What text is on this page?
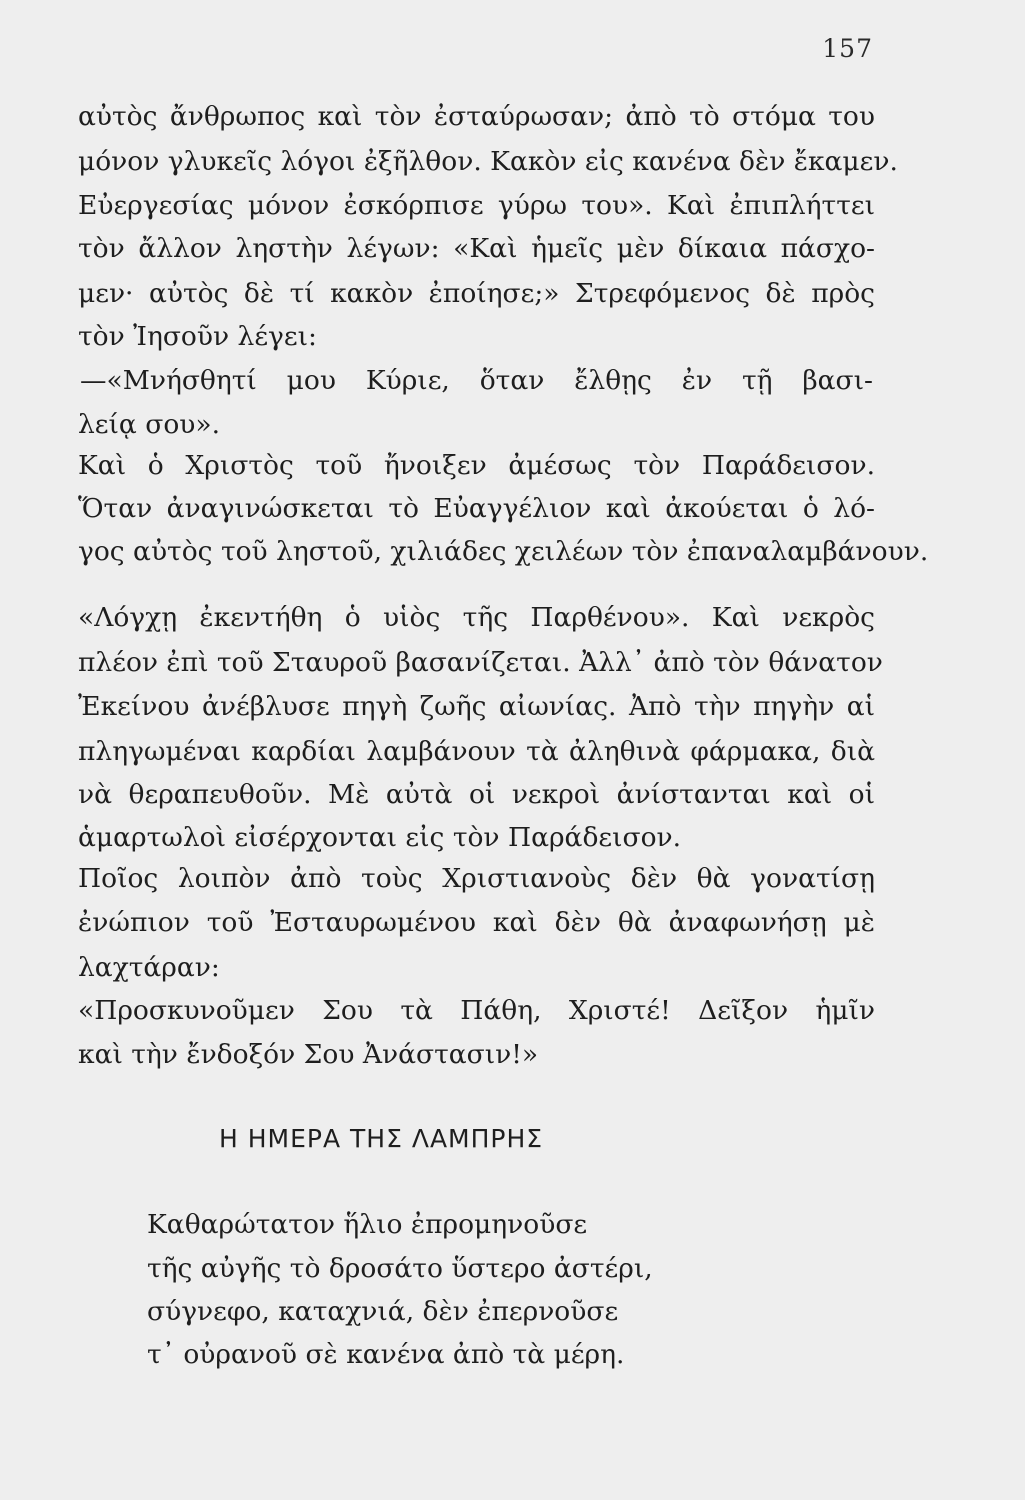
157
αὐτὸς ἄνθρωπος καὶ τὸν ἐσταύρωσαν; ἀπὸ τὸ στόμα του
μόνον γλυκεῖς λόγοι ἐξῆλθον. Κακὸν εἰς κανένα δὲν ἔκαμεν.
Εὐεργεσίας μόνον ἐσκόρπισε γύρω του». Καὶ ἐπιπλήττει
τὸν ἄλλον ληστὴν λέγων: «Καὶ ἡμεῖς μὲν δίκαια πάσχο-
μεν· αὐτὸς δὲ τί κακὸν ἐποίησε;» Στρεφόμενος δὲ πρὸς
τὸν Ἰησοῦν λέγει:
—«Μνήσθητί μου Κύριε, ὅταν ἔλθῃς ἐν τῇ βασι-
λείᾳ σου».
Καὶ ὁ Χριστὸς τοῦ ἤνοιξεν ἀμέσως τὸν Παράδεισον.
Ὅταν ἀναγινώσκεται τὸ Εὐαγγέλιον καὶ ἀκούεται ὁ λό-
γος αὐτὸς τοῦ ληστοῦ, χιλιάδες χειλέων τὸν ἐπαναλαμβάνουν.
«Λόγχῃ ἐκεντήθη ὁ υἱὸς τῆς Παρθένου». Καὶ νεκρὸς
πλέον ἐπὶ τοῦ Σταυροῦ βασανίζεται. Ἀλλ᾽ ἀπὸ τὸν θάνατον
Ἐκείνου ἀνέβλυσε πηγὴ ζωῆς αἰωνίας. Ἀπὸ τὴν πηγὴν αἱ
πληγωμέναι καρδίαι λαμβάνουν τὰ ἀληθινὰ φάρμακα, διὰ
νὰ θεραπευθοῦν. Μὲ αὐτὰ οἱ νεκροὶ ἀνίστανται καὶ οἱ
ἁμαρτωλοὶ εἰσέρχονται εἰς τὸν Παράδεισον.
Ποῖος λοιπὸν ἀπὸ τοὺς Χριστιανοὺς δὲν θὰ γονατίσῃ
ἐνώπιον τοῦ Ἐσταυρωμένου καὶ δὲν θὰ ἀναφωνήσῃ μὲ
λαχτάραν:
«Προσκυνοῦμεν Σου τὰ Πάθη, Χριστέ! Δεῖξον ἡμῖν
καὶ τὴν ἔνδοξόν Σου Ἀνάστασιν!»
Η ΗΜΕΡΑ ΤΗΣ ΛΑΜΠΡΗΣ
Καθαρώτατον ἥλιο ἐπρομηνοῦσε
τῆς αὐγῆς τὸ δροσάτο ὕστερο ἀστέρι,
σύγνεφο, καταχνιά, δὲν ἐπερνοῦσε
τ᾽ οὐρανοῦ σὲ κανένα ἀπὸ τὰ μέρη.
